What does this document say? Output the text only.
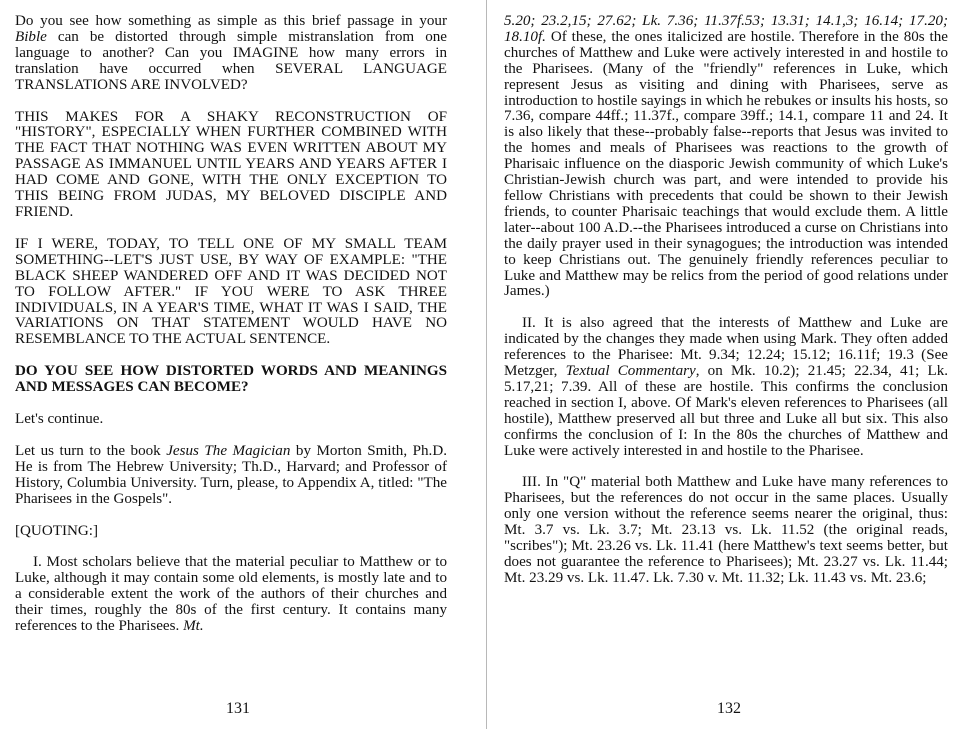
Do you see how something as simple as this brief passage in your Bible can be distorted through simple mistranslation from one language to another? Can you IMAGINE how many errors in translation have occurred when SEVERAL LANGUAGE TRANSLATIONS ARE INVOLVED?

THIS MAKES FOR A SHAKY RECONSTRUCTION OF "HISTORY", ESPECIALLY WHEN FURTHER COMBINED WITH THE FACT THAT NOTHING WAS EVEN WRITTEN ABOUT MY PASSAGE AS IMMANUEL UNTIL YEARS AND YEARS AFTER I HAD COME AND GONE, WITH THE ONLY EXCEPTION TO THIS BEING FROM JUDAS, MY BELOVED DISCIPLE AND FRIEND.

IF I WERE, TODAY, TO TELL ONE OF MY SMALL TEAM SOMETHING--LET'S JUST USE, BY WAY OF EXAMPLE: "THE BLACK SHEEP WANDERED OFF AND IT WAS DECIDED NOT TO FOLLOW AFTER." IF YOU WERE TO ASK THREE INDIVIDUALS, IN A YEAR'S TIME, WHAT IT WAS I SAID, THE VARIATIONS ON THAT STATEMENT WOULD HAVE NO RESEMBLANCE TO THE ACTUAL SENTENCE.

DO YOU SEE HOW DISTORTED WORDS AND MEANINGS AND MESSAGES CAN BECOME?

Let's continue.

Let us turn to the book Jesus The Magician by Morton Smith, Ph.D. He is from The Hebrew University; Th.D., Harvard; and Professor of History, Columbia University. Turn, please, to Appendix A, titled: "The Pharisees in the Gospels".

[QUOTING:]

I. Most scholars believe that the material peculiar to Matthew or to Luke, although it may contain some old elements, is mostly late and to a considerable extent the work of the authors of their churches and their times, roughly the 80s of the first century. It contains many references to the Pharisees. Mt.

131

5.20; 23.2,15; 27.62; Lk. 7.36; 11.37f.53; 13.31; 14.1,3; 16.14; 17.20; 18.10f. Of these, the ones italicized are hostile. Therefore in the 80s the churches of Matthew and Luke were actively interested in and hostile to the Pharisees. (Many of the "friendly" references in Luke, which represent Jesus as visiting and dining with Pharisees, serve as introduction to hostile sayings in which he rebukes or insults his hosts, so 7.36, compare 44ff.; 11.37f., compare 39ff.; 14.1, compare 11 and 24. It is also likely that these--probably false--reports that Jesus was invited to the homes and meals of Pharisees was reactions to the growth of Pharisaic influence on the diasporic Jewish community of which Luke's Christian-Jewish church was part, and were intended to provide his fellow Christians with precedents that could be shown to their Jewish friends, to counter Pharisaic teachings that would exclude them. A little later--about 100 A.D.--the Pharisees introduced a curse on Christians into the daily prayer used in their synagogues; the introduction was intended to keep Christians out. The genuinely friendly references peculiar to Luke and Matthew may be relics from the period of good relations under James.)

II. It is also agreed that the interests of Matthew and Luke are indicated by the changes they made when using Mark. They often added references to the Pharisee: Mt. 9.34; 12.24; 15.12; 16.11f; 19.3 (See Metzger, Textual Commentary, on Mk. 10.2); 21.45; 22.34, 41; Lk. 5.17,21; 7.39. All of these are hostile. This confirms the conclusion reached in section I, above. Of Mark's eleven references to Pharisees (all hostile), Matthew preserved all but three and Luke all but six. This also confirms the conclusion of I: In the 80s the churches of Matthew and Luke were actively interested in and hostile to the Pharisee.

III. In "Q" material both Matthew and Luke have many references to Pharisees, but the references do not occur in the same places. Usually only one version without the reference seems nearer the original, thus: Mt. 3.7 vs. Lk. 3.7; Mt. 23.13 vs. Lk. 11.52 (the original reads, "scribes"); Mt. 23.26 vs. Lk. 11.41 (here Matthew's text seems better, but does not guarantee the reference to Pharisees); Mt. 23.27 vs. Lk. 11.44; Mt. 23.29 vs. Lk. 11.47. Lk. 7.30 v. Mt. 11.32; Lk. 11.43 vs. Mt. 23.6;

132
